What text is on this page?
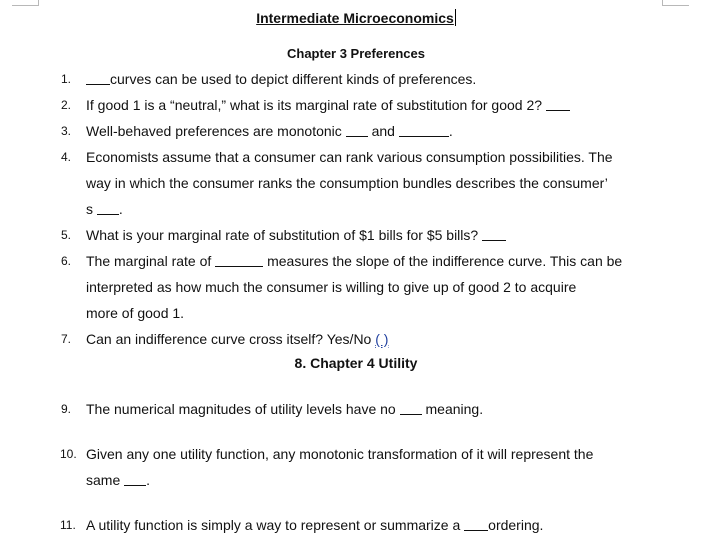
Intermediate Microeconomics
Chapter 3 Preferences
1.	curves can be used to depict different kinds of preferences.
2. If good 1 is a “neutral,” what is its marginal rate of substitution for good 2?
3. Well-behaved preferences are monotonic and	.
4. Economists assume that a consumer can rank various consumption possibilities. The
way in which the consumer ranks the consumption bundles describes the consumer’
s .
5. What is your marginal rate of substitution of $1 bills for $5 bills?
6. The marginal rate of	measures the slope of the indifference curve. This can be
interpreted as how much the consumer is willing to give up of good 2 to acquire
more of good 1.
7. Can an indifference curve cross itself? Yes/No ( )
8. Chapter 4 Utility
9. The numerical magnitudes of utility levels have no meaning.
10. Given any one utility function, any monotonic transformation of it will represent the
same .
11. A utility function is simply a way to represent or summarize a ordering.
